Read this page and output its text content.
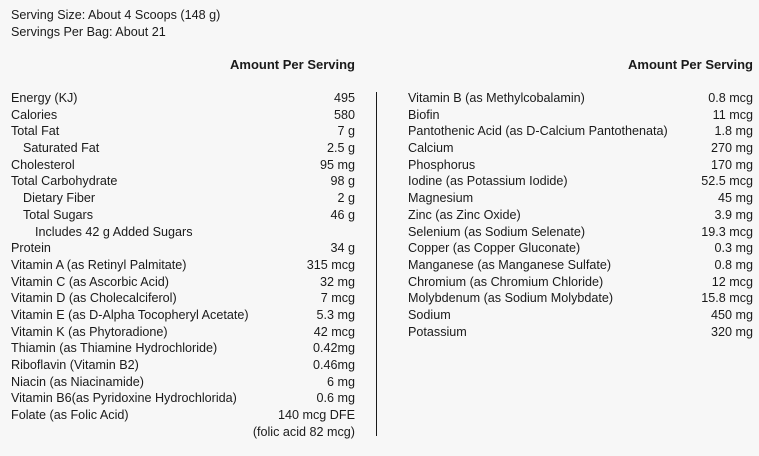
Serving Size: About 4 Scoops (148 g)
Servings Per Bag: About 21
Amount Per Serving
Energy (KJ)	495
Calories	580
Total Fat	7 g
Saturated Fat	2.5 g
Cholesterol	95 mg
Total Carbohydrate	98 g
Dietary Fiber	2 g
Total Sugars	46 g
Includes 42 g Added Sugars
Protein	34 g
Vitamin A (as Retinyl Palmitate)	315 mcg
Vitamin C (as Ascorbic Acid)	32 mg
Vitamin D (as Cholecalciferol)	7 mcg
Vitamin E (as D-Alpha Tocopheryl Acetate)	5.3 mg
Vitamin K (as Phytoradione)	42 mcg
Thiamin (as Thiamine Hydrochloride)	0.42mg
Riboflavin (Vitamin B2)	0.46mg
Niacin (as Niacinamide)	6 mg
Vitamin B6(as Pyridoxine Hydrochlorida)	0.6 mg
Folate (as Folic Acid)	140 mcg DFE
(folic acid 82 mcg)
Amount Per Serving
Vitamin B (as Methylcobalamin)	0.8 mcg
Biofin	11 mcg
Pantothenic Acid (as D-Calcium Pantothenata)	1.8 mg
Calcium	270 mg
Phosphorus	170 mg
Iodine (as Potassium Iodide)	52.5 mcg
Magnesium	45 mg
Zinc (as Zinc Oxide)	3.9 mg
Selenium (as Sodium Selenate)	19.3 mcg
Copper (as Copper Gluconate)	0.3 mg
Manganese (as Manganese Sulfate)	0.8 mg
Chromium (as Chromium Chloride)	12 mcg
Molybdenum (as Sodium Molybdate)	15.8 mcg
Sodium	450 mg
Potassium	320 mg
